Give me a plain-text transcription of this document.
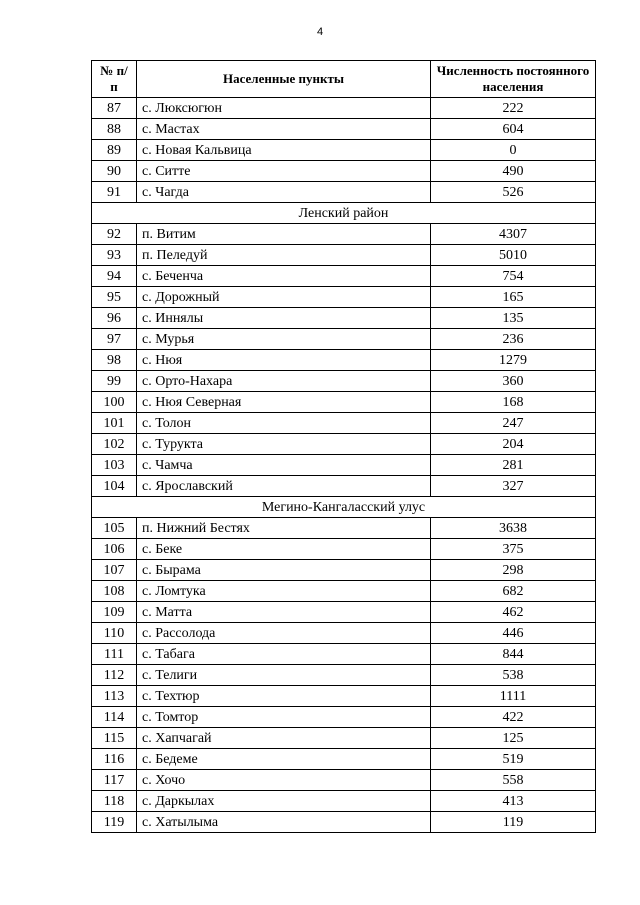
4
№ п/п	Населенные пункты	Численность постоянного населения
87	с. Люксюгюн	222
88	с. Мастах	604
89	с. Новая Кальвица	0
90	с. Ситте	490
91	с. Чагда	526
Ленский район		
92	п. Витим	4307
93	п. Пеледуй	5010
94	с. Беченча	754
95	с. Дорожный	165
96	с. Иннялы	135
97	с. Мурья	236
98	с. Нюя	1279
99	с. Орто-Нахара	360
100	с. Нюя Северная	168
101	с. Толон	247
102	с. Турукта	204
103	с. Чамча	281
104	с. Ярославский	327
Мегино-Кангаласский улус		
105	п. Нижний Бестях	3638
106	с. Беке	375
107	с. Бырама	298
108	с. Ломтука	682
109	с. Матта	462
110	с. Рассолода	446
111	с. Табага	844
112	с. Телиги	538
113	с. Техтюр	1111
114	с. Томтор	422
115	с. Хапчагай	125
116	с. Бедеме	519
117	с. Хочо	558
118	с. Даркылах	413
119	с. Хатылыма	119
